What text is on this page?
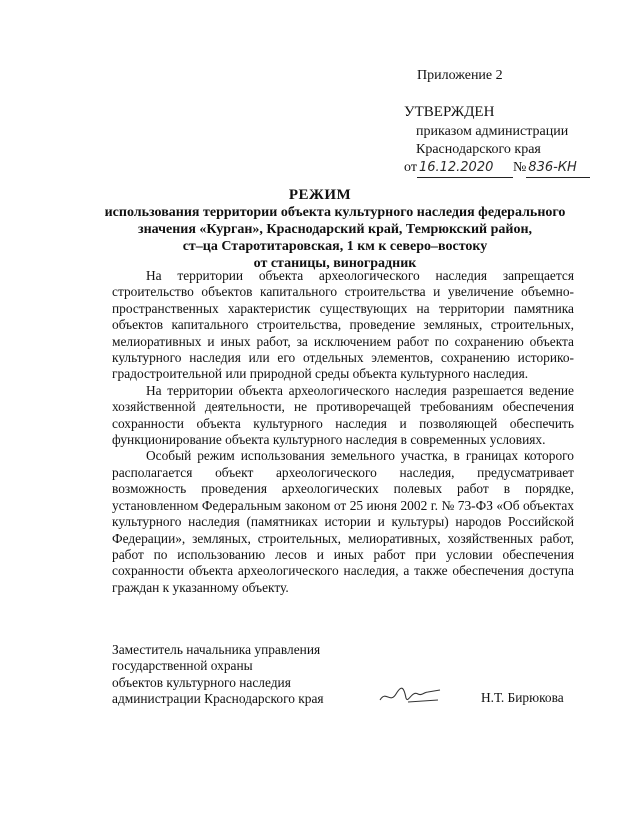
Приложение 2
УТВЕРЖДЕН
приказом администрации
Краснодарского края
от 16.12.2020 № 836-КН
РЕЖИМ
использования территории объекта культурного наследия федерального
значения «Курган», Краснодарский край, Темрюкский район,
ст–ца Старотитаровская, 1 км к северо–востоку
от станицы, виноградник

На территории объекта археологического наследия запрещается строительство объектов капитального строительства и увеличение объемно-пространственных характеристик существующих на территории памятника объектов капитального строительства, проведение земляных, строительных, мелиоративных и иных работ, за исключением работ по сохранению объекта культурного наследия или его отдельных элементов, сохранению историко-градостроительной или природной среды объекта культурного наследия.

На территории объекта археологического наследия разрешается ведение хозяйственной деятельности, не противоречащей требованиям обеспечения сохранности объекта культурного наследия и позволяющей обеспечить функционирование объекта культурного наследия в современных условиях.

Особый режим использования земельного участка, в границах которого располагается объект археологического наследия, предусматривает возможность проведения археологических полевых работ в порядке, установленном Федеральным законом от 25 июня 2002 г. № 73-ФЗ «Об объектах культурного наследия (памятниках истории и культуры) народов Российской Федерации», земляных, строительных, мелиоративных, хозяйственных работ, работ по использованию лесов и иных работ при условии обеспечения сохранности объекта археологического наследия, а также обеспечения доступа граждан к указанному объекту.

Заместитель начальника управления
государственной охраны
объектов культурного наследия
администрации Краснодарского края	Н.Т. Бирюкова
